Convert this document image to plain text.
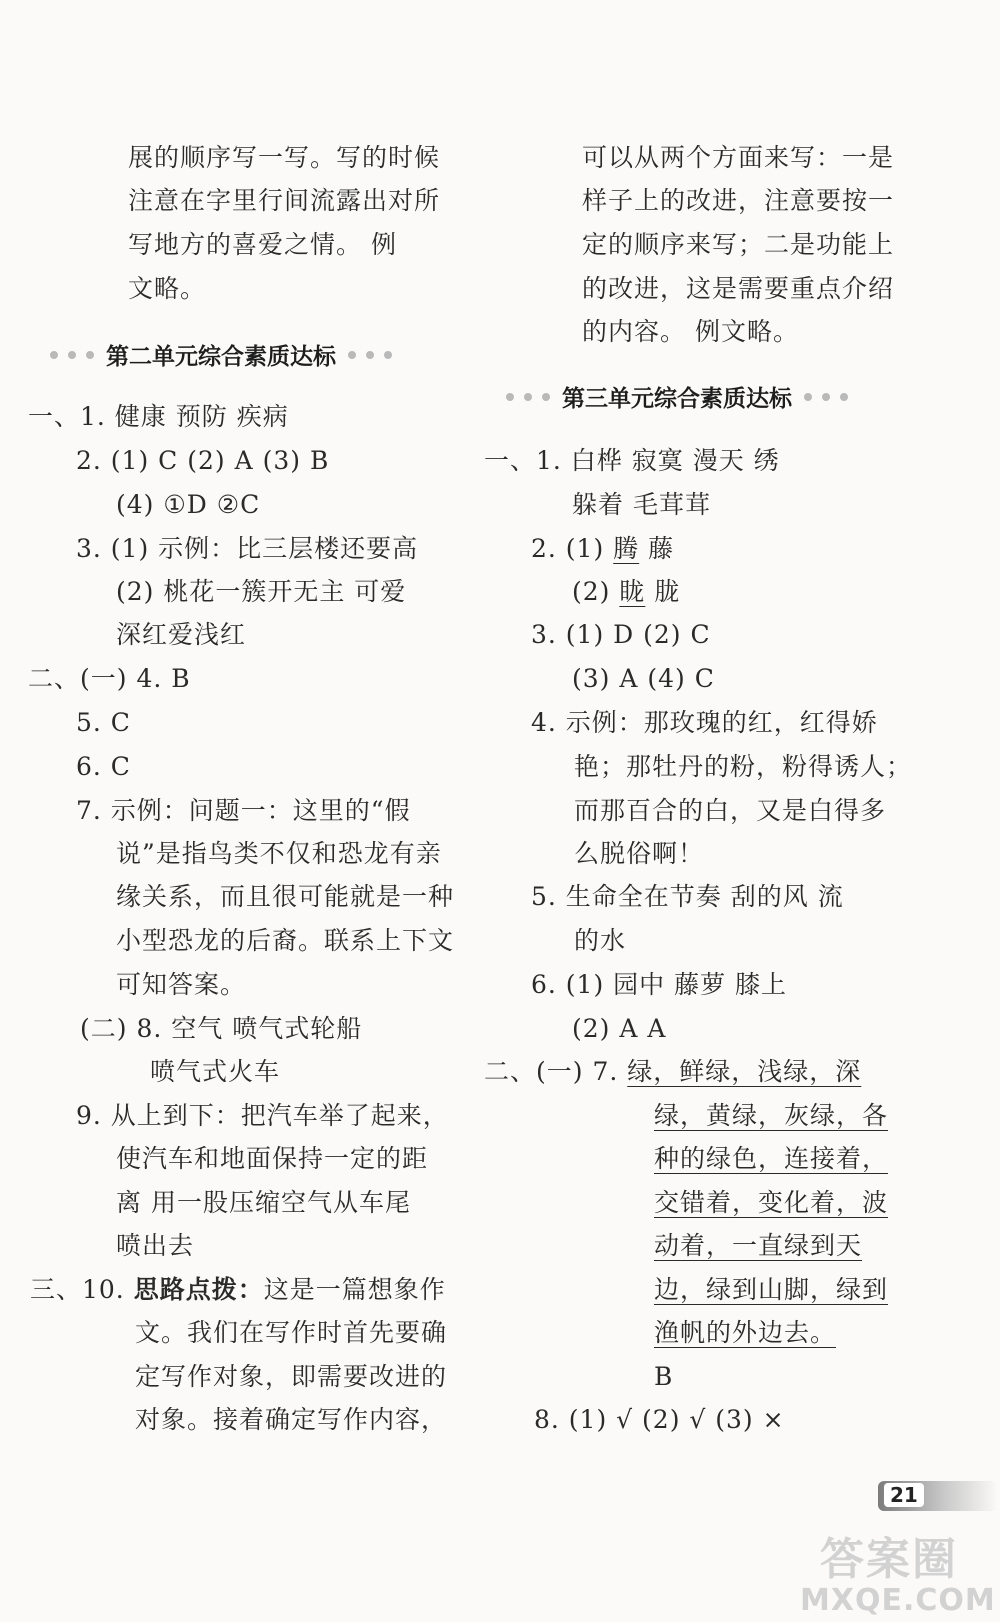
展的顺序写一写。写的时候
注意在字里行间流露出对所
写地方的喜爱之情。 例
文略。
第二单元综合素质达标
一、1. 健康 预防 疾病
2. (1) C (2) A (3) B
(4) ①D ②C
3. (1) 示例：比三层楼还要高
(2) 桃花一簇开无主 可爱
深红爱浅红
二、(一) 4. B
5. C
6. C
7. 示例：问题一：这里的“假
说”是指鸟类不仅和恐龙有亲
缘关系，而且很可能就是一种
小型恐龙的后裔。联系上下文
可知答案。
(二) 8. 空气 喷气式轮船
喷气式火车
9. 从上到下：把汽车举了起来，
使汽车和地面保持一定的距
离 用一股压缩空气从车尾
喷出去
三、10. 思路点拨：这是一篇想象作
文。我们在写作时首先要确
定写作对象，即需要改进的
对象。接着确定写作内容，
可以从两个方面来写：一是
样子上的改进，注意要按一
定的顺序来写；二是功能上
的改进，这是需要重点介绍
的内容。 例文略。
第三单元综合素质达标
一、1. 白桦 寂寞 漫天 绣
躲着 毛茸茸
2. (1) 腾 藤
(2) 眬 胧
3. (1) D (2) C
(3) A (4) C
4. 示例：那玫瑰的红，红得娇
艳；那牡丹的粉，粉得诱人；
而那百合的白，又是白得多
么脱俗啊！
5. 生命全在节奏 刮的风 流
的水
6. (1) 园中 藤萝 膝上
(2) A A
二、(一) 7. 绿，鲜绿，浅绿，深
绿，黄绿，灰绿，各
种的绿色，连接着，
交错着，变化着，波
动着，一直绿到天
边，绿到山脚，绿到
渔帆的外边去。
B
8. (1) √ (2) √ (3) ×
21
答案圈
MXQE.COM
